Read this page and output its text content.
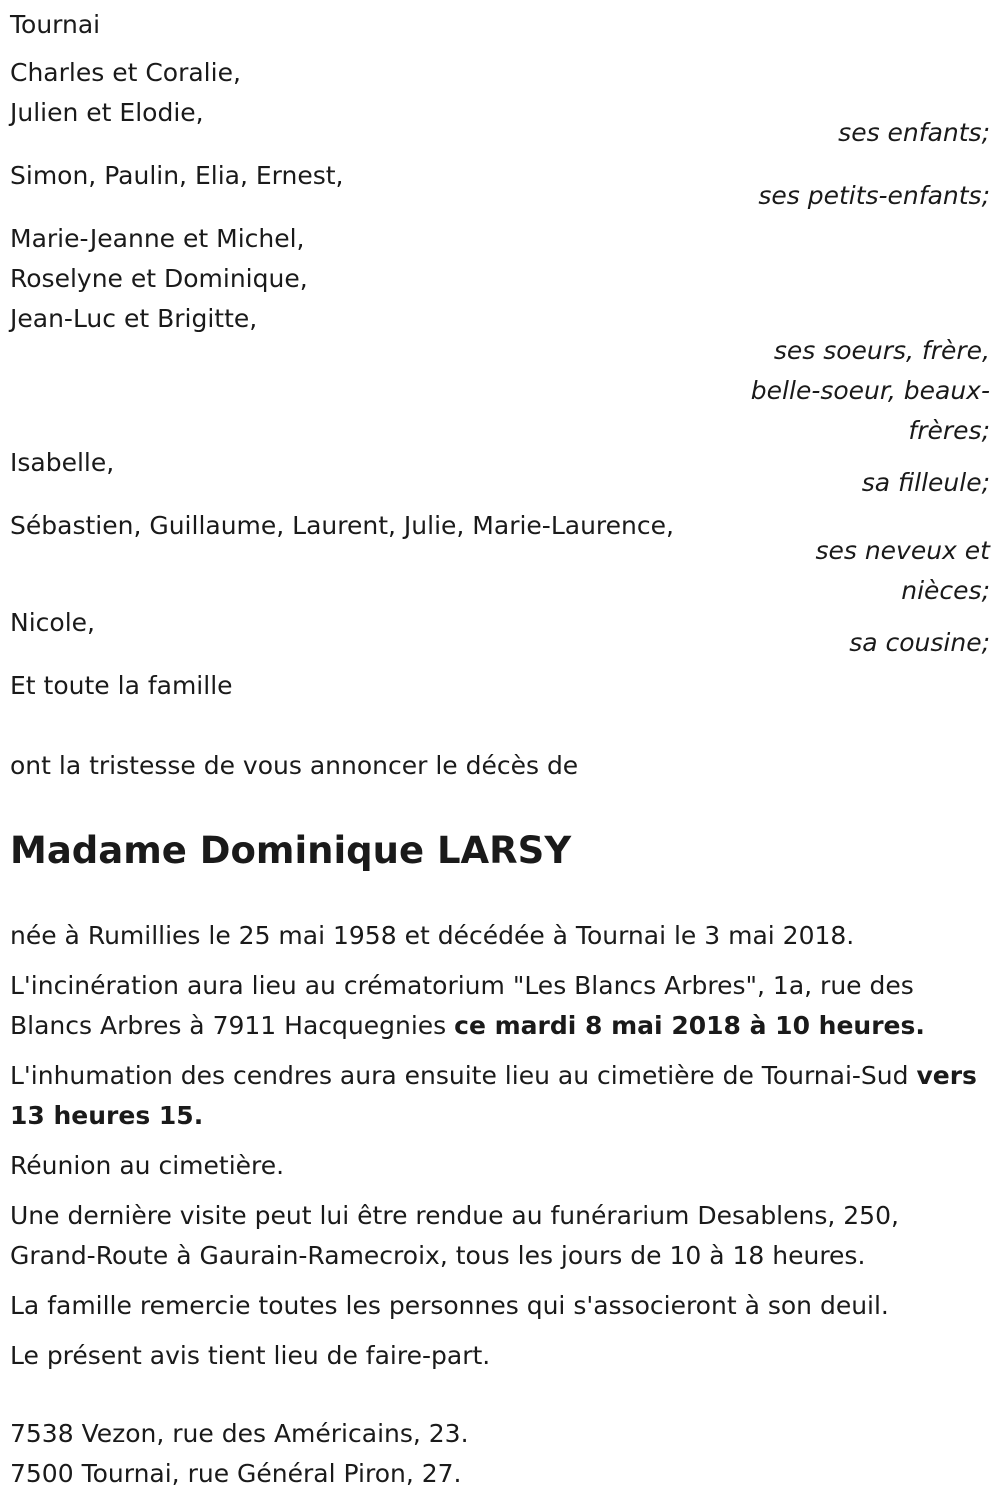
Tournai
Charles et Coralie,
Julien et Elodie,
ses enfants;
Simon, Paulin, Elia, Ernest,
ses petits-enfants;
Marie-Jeanne et Michel,
Roselyne et Dominique,
Jean-Luc et Brigitte,
ses soeurs, frère,
belle-soeur, beaux-
frères;
Isabelle,
sa filleule;
Sébastien, Guillaume, Laurent, Julie, Marie-Laurence,
ses neveux et
nièces;
Nicole,
sa cousine;
Et toute la famille
ont la tristesse de vous annoncer le décès de
Madame Dominique LARSY
née à Rumillies le 25 mai 1958 et décédée à Tournai le 3 mai 2018.
L'incinération aura lieu au crématorium "Les Blancs Arbres", 1a, rue des Blancs Arbres à 7911 Hacquegnies ce mardi 8 mai 2018 à 10 heures.
L'inhumation des cendres aura ensuite lieu au cimetière de Tournai-Sud vers 13 heures 15.
Réunion au cimetière.
Une dernière visite peut lui être rendue au funérarium Desablens, 250, Grand-Route à Gaurain-Ramecroix, tous les jours de 10 à 18 heures.
La famille remercie toutes les personnes qui s'associeront à son deuil.
Le présent avis tient lieu de faire-part.
7538 Vezon, rue des Américains, 23.
7500 Tournai, rue Général Piron, 27.
